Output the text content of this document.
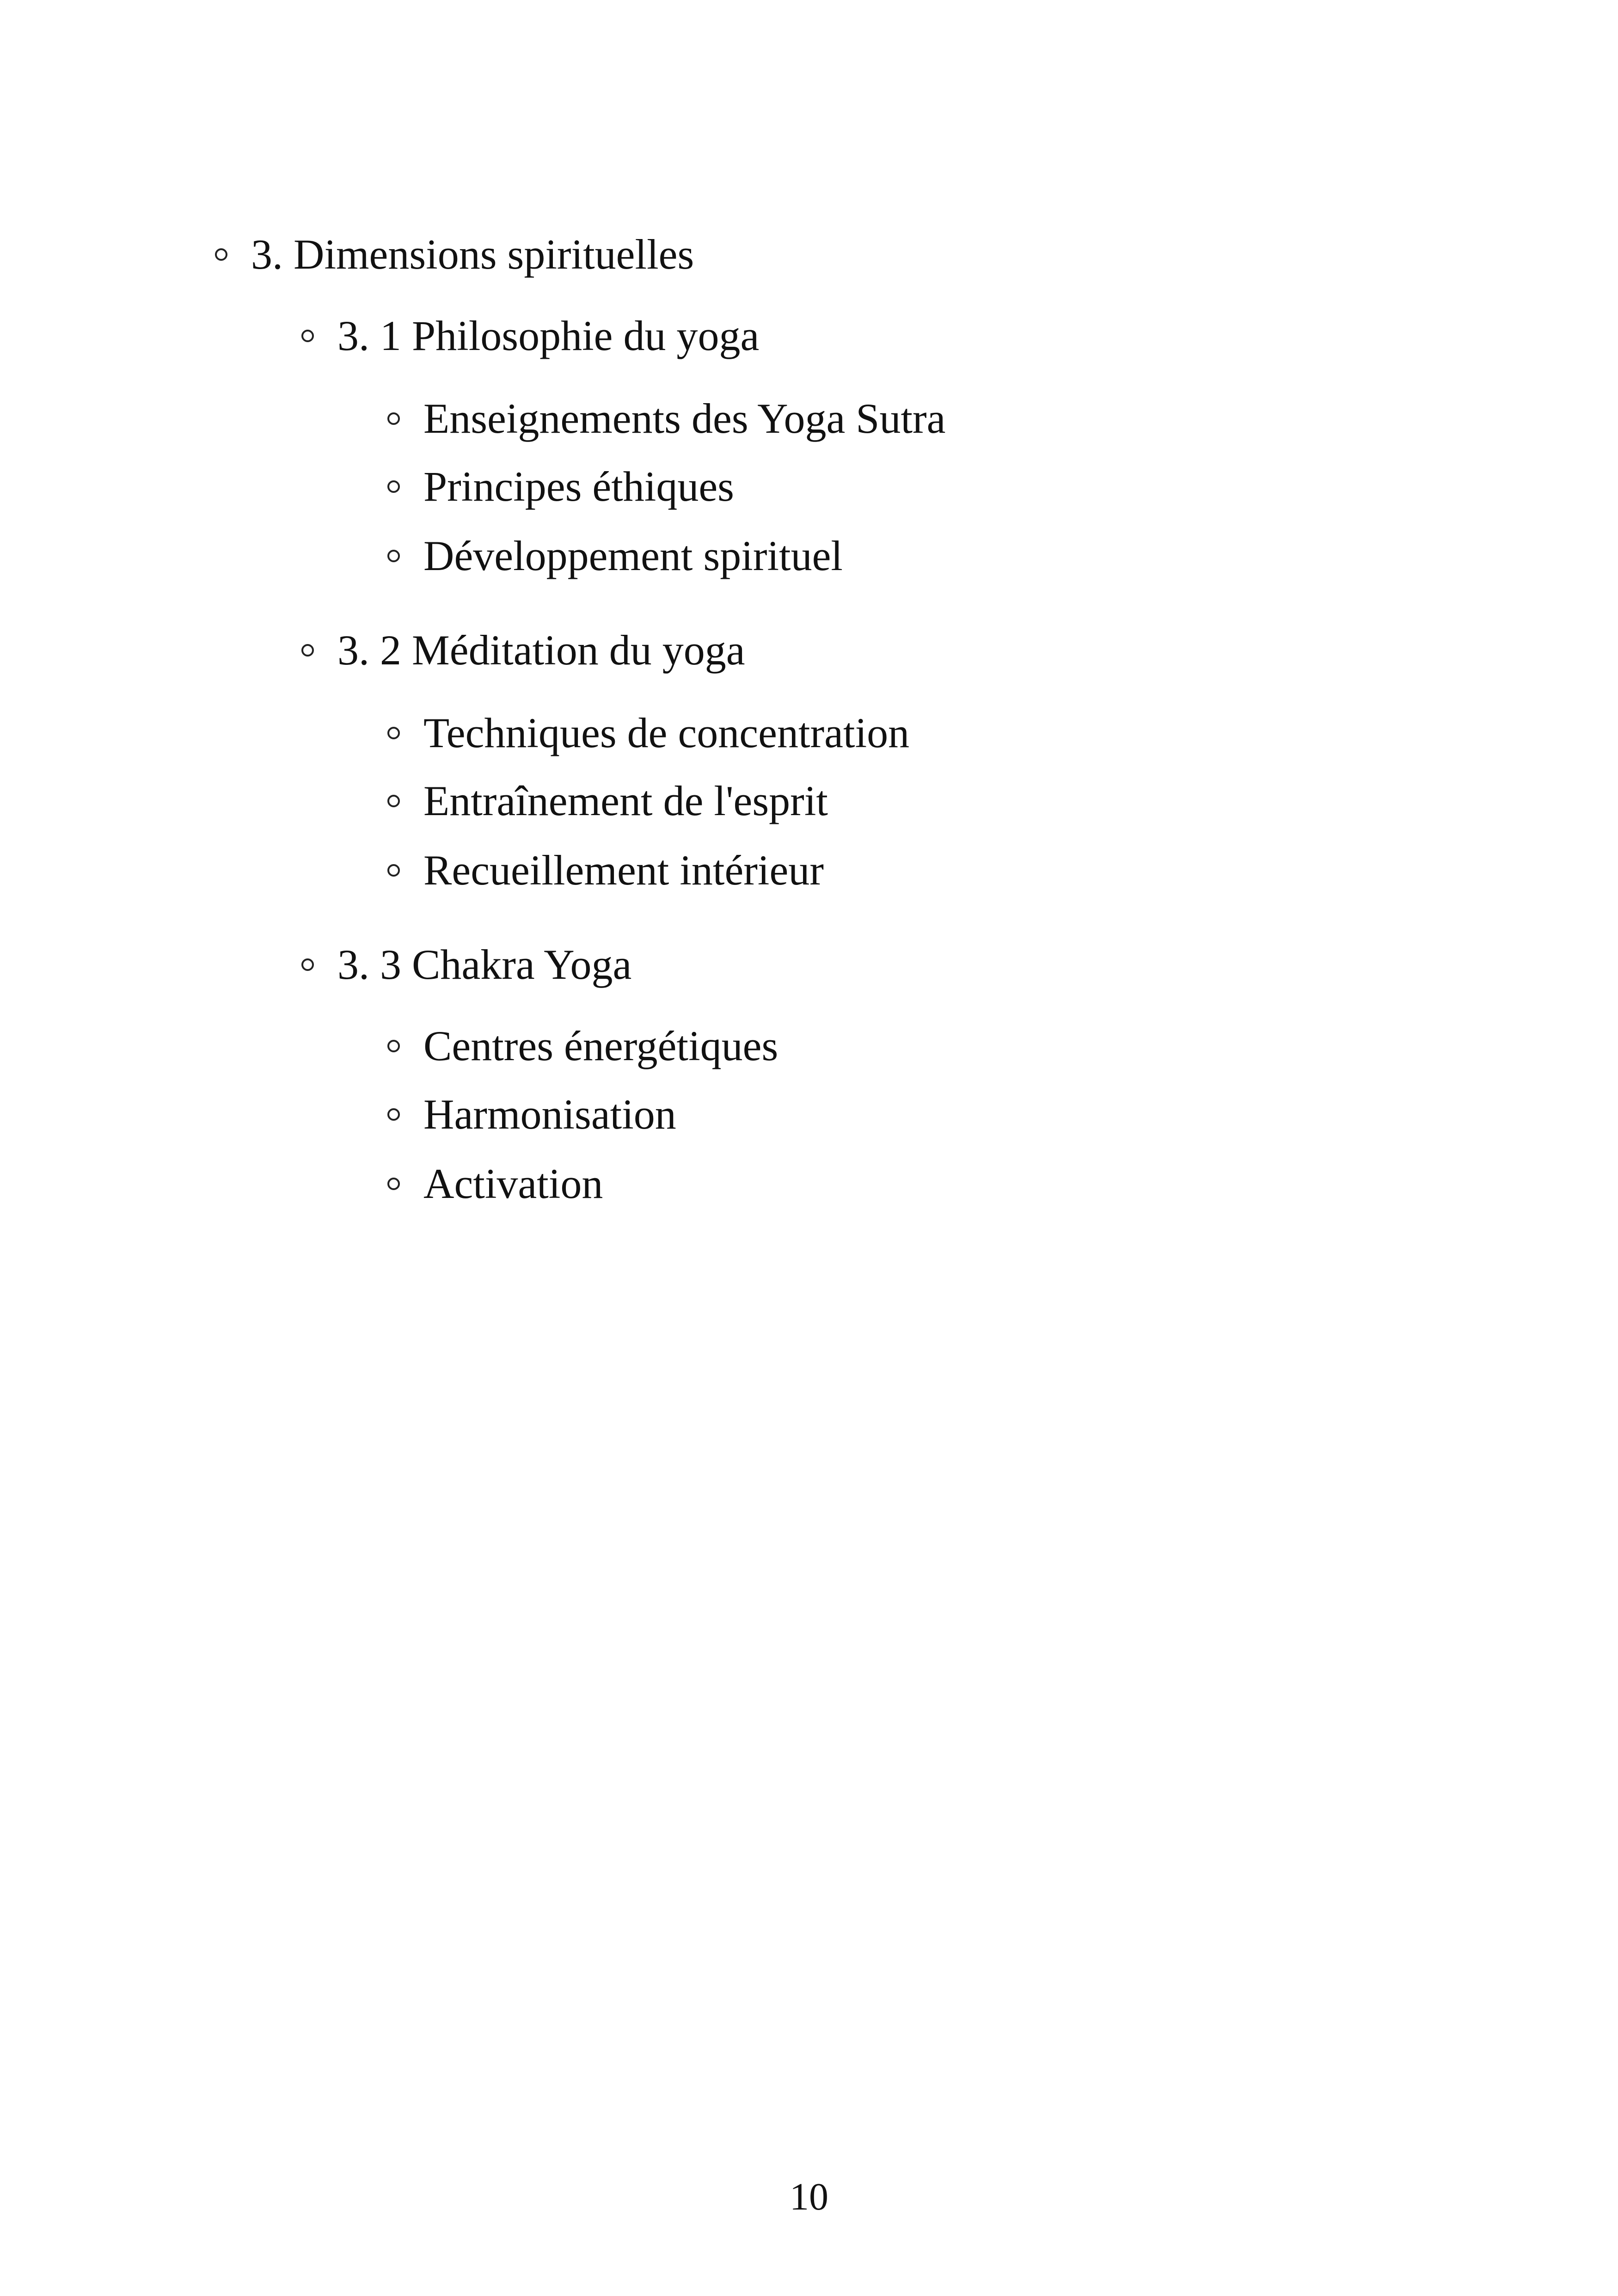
3. Dimensions spirituelles
3. 1 Philosophie du yoga
Enseignements des Yoga Sutra
Principes éthiques
Développement spirituel
3. 2 Méditation du yoga
Techniques de concentration
Entraînement de l'esprit
Recueillement intérieur
3. 3 Chakra Yoga
Centres énergétiques
Harmonisation
Activation
10
